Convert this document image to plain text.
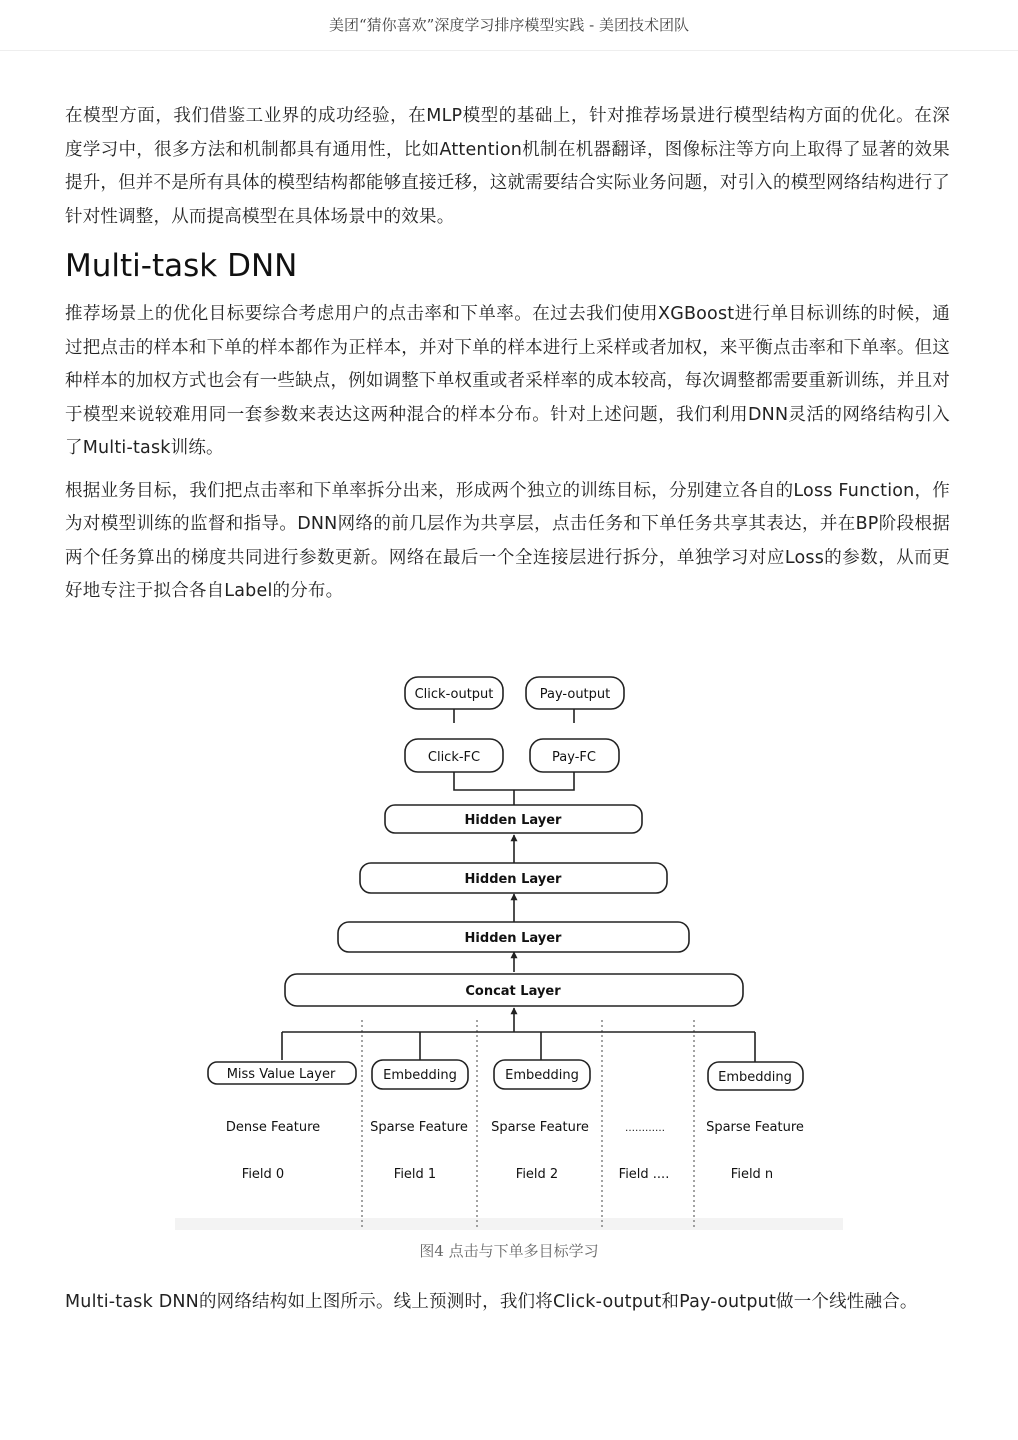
美团“猜你喜欢”深度学习排序模型实践 - 美团技术团队

在模型方面，我们借鉴工业界的成功经验，在MLP模型的基础上，针对推荐场景进行模型结构方面的优化。在深度学习中，很多方法和机制都具有通用性，比如Attention机制在机器翻译，图像标注等方向上取得了显著的效果提升，但并不是所有具体的模型结构都能够直接迁移，这就需要结合实际业务问题，对引入的模型网络结构进行了针对性调整，从而提高模型在具体场景中的效果。

Multi-task DNN

推荐场景上的优化目标要综合考虑用户的点击率和下单率。在过去我们使用XGBoost进行单目标训练的时候，通过把点击的样本和下单的样本都作为正样本，并对下单的样本进行上采样或者加权，来平衡点击率和下单率。但这种样本的加权方式也会有一些缺点，例如调整下单权重或者采样率的成本较高，每次调整都需要重新训练，并且对于模型来说较难用同一套参数来表达这两种混合的样本分布。针对上述问题，我们利用DNN灵活的网络结构引入了Multi-task训练。

根据业务目标，我们把点击率和下单率拆分出来，形成两个独立的训练目标，分别建立各自的Loss Function，作为对模型训练的监督和指导。DNN网络的前几层作为共享层，点击任务和下单任务共享其表达，并在BP阶段根据两个任务算出的梯度共同进行参数更新。网络在最后一个全连接层进行拆分，单独学习对应Loss的参数，从而更好地专注于拟合各自Label的分布。

Click-output	Pay-output
Click-FC	Pay-FC
Hidden Layer
Hidden Layer
Hidden Layer
Concat Layer
Miss Value Layer	Embedding	Embedding	Embedding
Dense Feature	Sparse Feature Sparse Feature	…………	Sparse Feature
Field 0	Field 1	Field 2	Field ....	Field n
图4 点击与下单多目标学习

Multi-task DNN的网络结构如上图所示。线上预测时，我们将Click-output和Pay-output做一个线性融合。
